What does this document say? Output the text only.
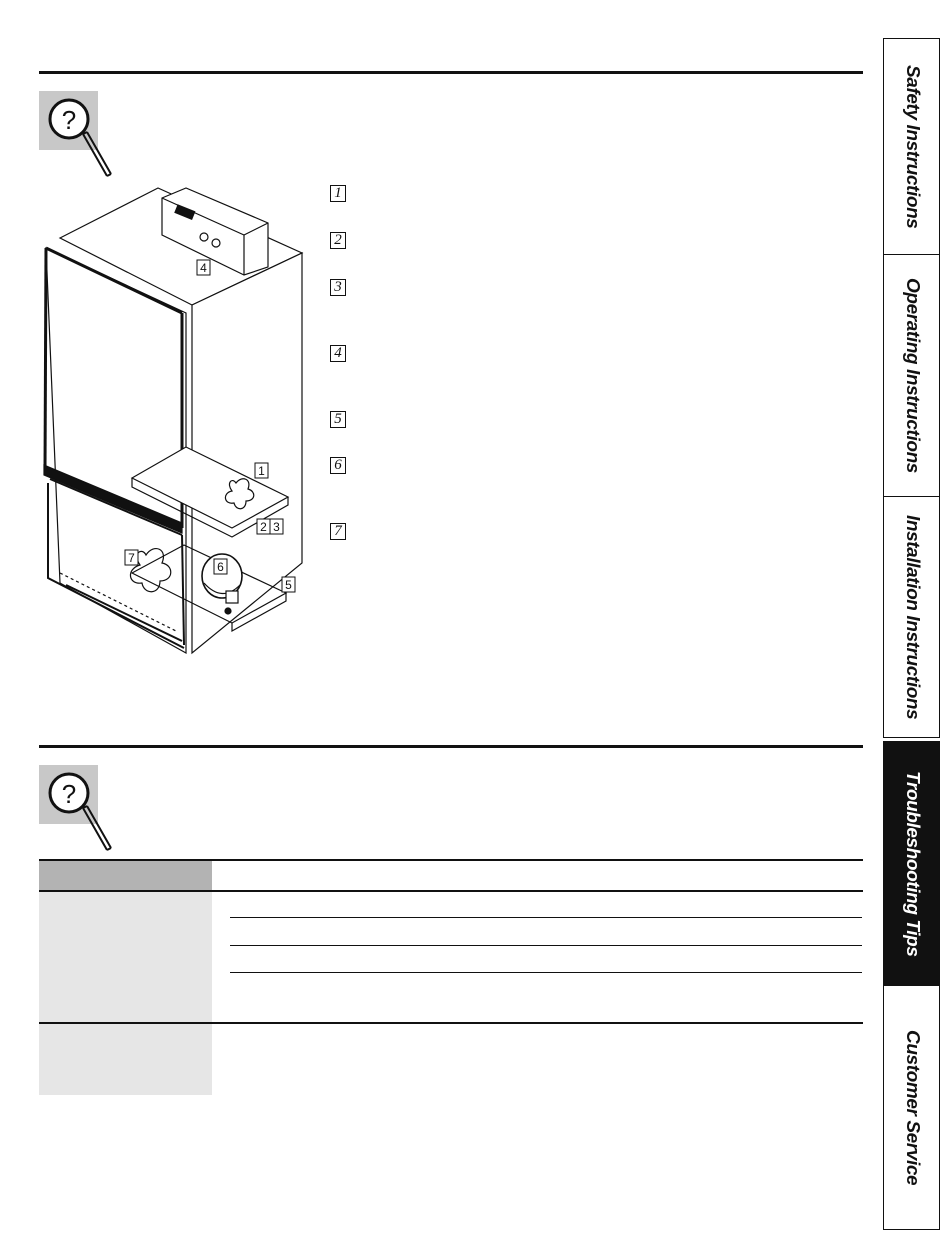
?
4
1
2 3
7
6
5
1
2
3
4
5
6
7
?
Safety Instructions
Operating Instructions
Installation Instructions
Troubleshooting Tips
Customer Service
